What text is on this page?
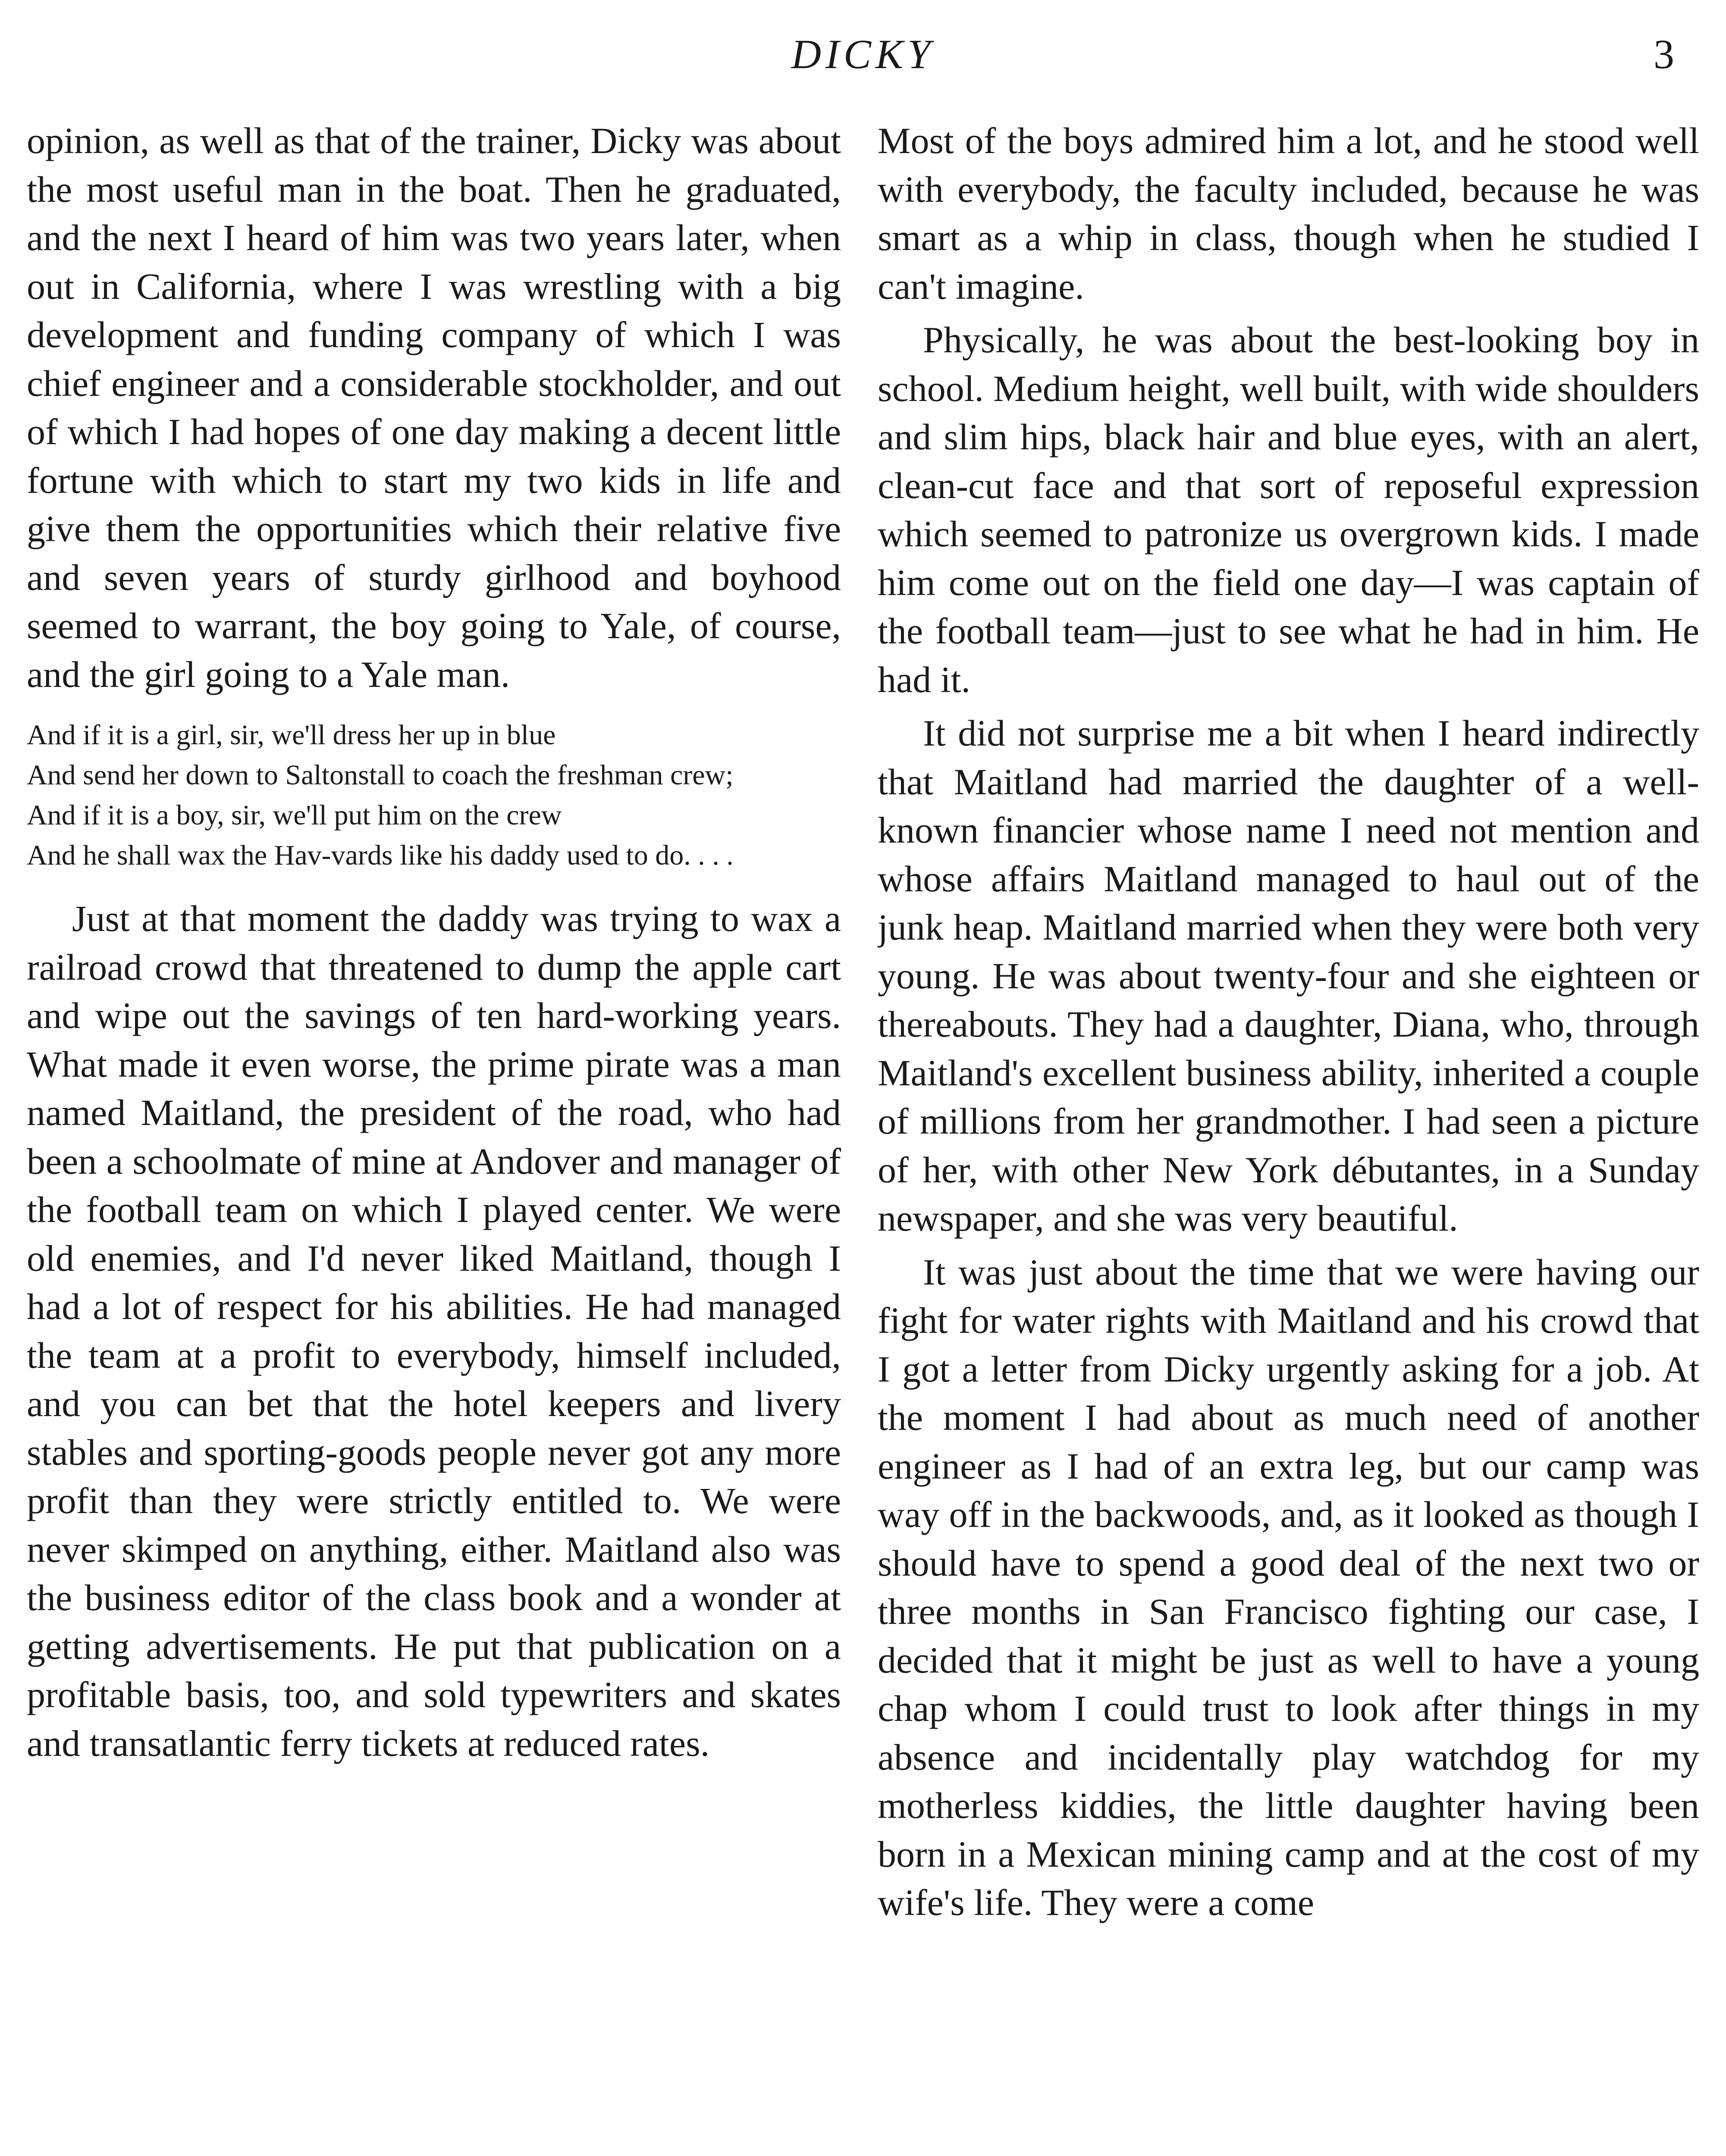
DICKY	3

opinion, as well as that of the trainer, Dicky was about the most useful man in the boat. Then he graduated, and the next I heard of him was two years later, when out in California, where I was wrestling with a big development and funding company of which I was chief engineer and a considerable stockholder, and out of which I had hopes of one day making a decent little fortune with which to start my two kids in life and give them the opportunities which their relative five and seven years of sturdy girlhood and boyhood seemed to warrant, the boy going to Yale, of course, and the girl going to a Yale man.

And if it is a girl, sir, we'll dress her up in blue
And send her down to Saltonstall to coach the freshman crew;
And if it is a boy, sir, we'll put him on the crew
And he shall wax the Hav-vards like his daddy used to do. . . .

Just at that moment the daddy was trying to wax a railroad crowd that threatened to dump the apple cart and wipe out the savings of ten hard-working years. What made it even worse, the prime pirate was a man named Maitland, the president of the road, who had been a schoolmate of mine at Andover and manager of the football team on which I played center. We were old enemies, and I'd never liked Maitland, though I had a lot of respect for his abilities. He had managed the team at a profit to everybody, himself included, and you can bet that the hotel keepers and livery stables and sporting-goods people never got any more profit than they were strictly entitled to. We were never skimped on anything, either. Maitland also was the business editor of the class book and a wonder at getting advertisements. He put that publication on a profitable basis, too, and sold typewriters and skates and transatlantic ferry tickets at reduced rates.

Most of the boys admired him a lot, and he stood well with everybody, the faculty included, because he was smart as a whip in class, though when he studied I can't imagine.

Physically, he was about the best-looking boy in school. Medium height, well built, with wide shoulders and slim hips, black hair and blue eyes, with an alert, clean-cut face and that sort of reposeful expression which seemed to patronize us overgrown kids. I made him come out on the field one day—I was captain of the football team—just to see what he had in him. He had it.

It did not surprise me a bit when I heard indirectly that Maitland had married the daughter of a well-known financier whose name I need not mention and whose affairs Maitland managed to haul out of the junk heap. Maitland married when they were both very young. He was about twenty-four and she eighteen or thereabouts. They had a daughter, Diana, who, through Maitland's excellent business ability, inherited a couple of millions from her grandmother. I had seen a picture of her, with other New York débutantes, in a Sunday newspaper, and she was very beautiful.

It was just about the time that we were having our fight for water rights with Maitland and his crowd that I got a letter from Dicky urgently asking for a job. At the moment I had about as much need of another engineer as I had of an extra leg, but our camp was way off in the backwoods, and, as it looked as though I should have to spend a good deal of the next two or three months in San Francisco fighting our case, I decided that it might be just as well to have a young chap whom I could trust to look after things in my absence and incidentally play watchdog for my motherless kiddies, the little daughter having been born in a Mexican mining camp and at the cost of my wife's life. They were a come
